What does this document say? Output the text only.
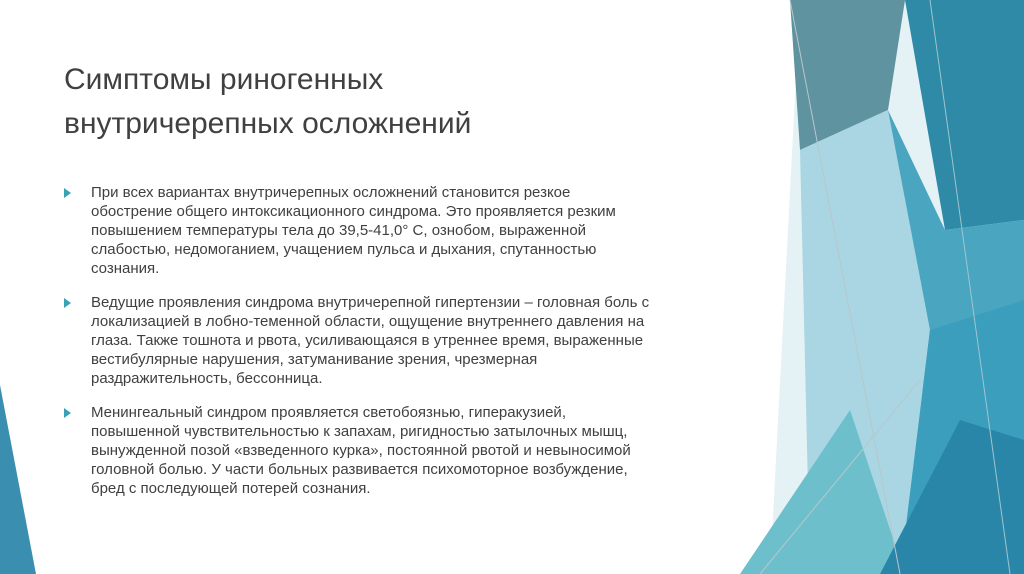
Симптомы риногенных
внутричерепных осложнений
При всех вариантах внутричерепных осложнений становится резкое
обострение общего интоксикационного синдрома. Это проявляется резким
повышением температуры тела до 39,5-41,0° С, ознобом, выраженной
слабостью, недомоганием, учащением пульса и дыхания, спутанностью
сознания.
Ведущие проявления синдрома внутричерепной гипертензии – головная боль с
локализацией в лобно-теменной области, ощущение внутреннего давления на
глаза. Также тошнота и рвота, усиливающаяся в утреннее время, выраженные
вестибулярные нарушения, затуманивание зрения, чрезмерная
раздражительность, бессонница.
Менингеальный синдром проявляется светобоязнью, гиперакузией,
повышенной чувствительностью к запахам, ригидностью затылочных мышц,
вынужденной позой «взведенного курка», постоянной рвотой и невыносимой
головной болью. У части больных развивается психомоторное возбуждение,
бред с последующей потерей сознания.
